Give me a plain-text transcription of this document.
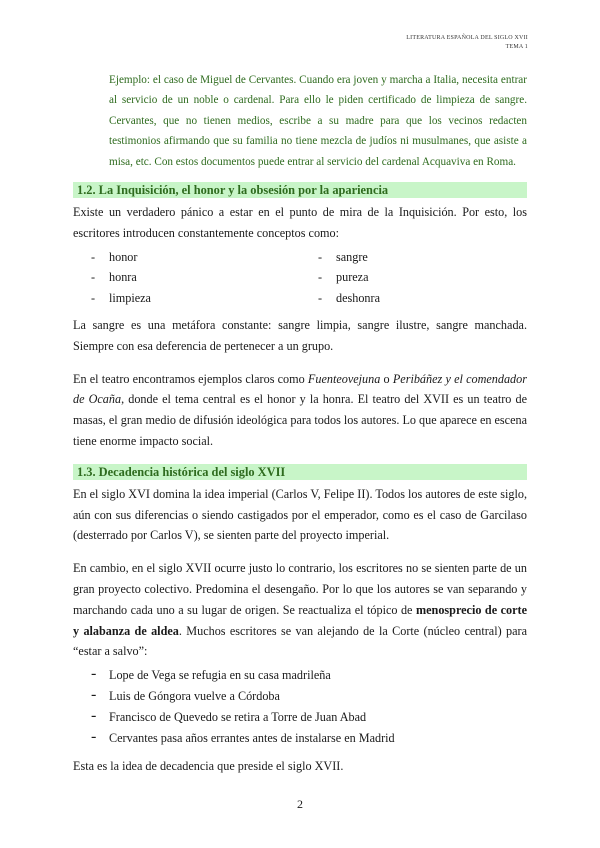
LITERATURA ESPAÑOLA DEL SIGLO XVII
TEMA 1
Ejemplo: el caso de Miguel de Cervantes. Cuando era joven y marcha a Italia, necesita entrar al servicio de un noble o cardenal. Para ello le piden certificado de limpieza de sangre. Cervantes, que no tienen medios, escribe a su madre para que los vecinos redacten testimonios afirmando que su familia no tiene mezcla de judíos ni musulmanes, que asiste a misa, etc. Con estos documentos puede entrar al servicio del cardenal Acquaviva en Roma.
1.2. La Inquisición, el honor y la obsesión por la apariencia

Existe un verdadero pánico a estar en el punto de mira de la Inquisición. Por esto, los escritores introducen constantemente conceptos como:

-	honor
-	honra
-	limpieza
-	sangre
-	pureza
-	deshonra

La sangre es una metáfora constante: sangre limpia, sangre ilustre, sangre manchada. Siempre con esa deferencia de pertenecer a un grupo.

En el teatro encontramos ejemplos claros como Fuenteovejuna o Peribáñez y el comendador de Ocaña, donde el tema central es el honor y la honra. El teatro del XVII es un teatro de masas, el gran medio de difusión ideológica para todos los autores. Lo que aparece en escena tiene enorme impacto social.

1.3. Decadencia histórica del siglo XVII

En el siglo XVI domina la idea imperial (Carlos V, Felipe II). Todos los autores de este siglo, aún con sus diferencias o siendo castigados por el emperador, como es el caso de Garcilaso (desterrado por Carlos V), se sienten parte del proyecto imperial.

En cambio, en el siglo XVII ocurre justo lo contrario, los escritores no se sienten parte de un gran proyecto colectivo. Predomina el desengaño. Por lo que los autores se van separando y marchando cada uno a su lugar de origen. Se reactualiza el tópico de menosprecio de corte y alabanza de aldea. Muchos escritores se van alejando de la Corte (núcleo central) para “estar a salvo”:

-	Lope de Vega se refugia en su casa madrileña
-	Luis de Góngora vuelve a Córdoba
-	Francisco de Quevedo se retira a Torre de Juan Abad
-	Cervantes pasa años errantes antes de instalarse en Madrid

Esta es la idea de decadencia que preside el siglo XVII.

2
